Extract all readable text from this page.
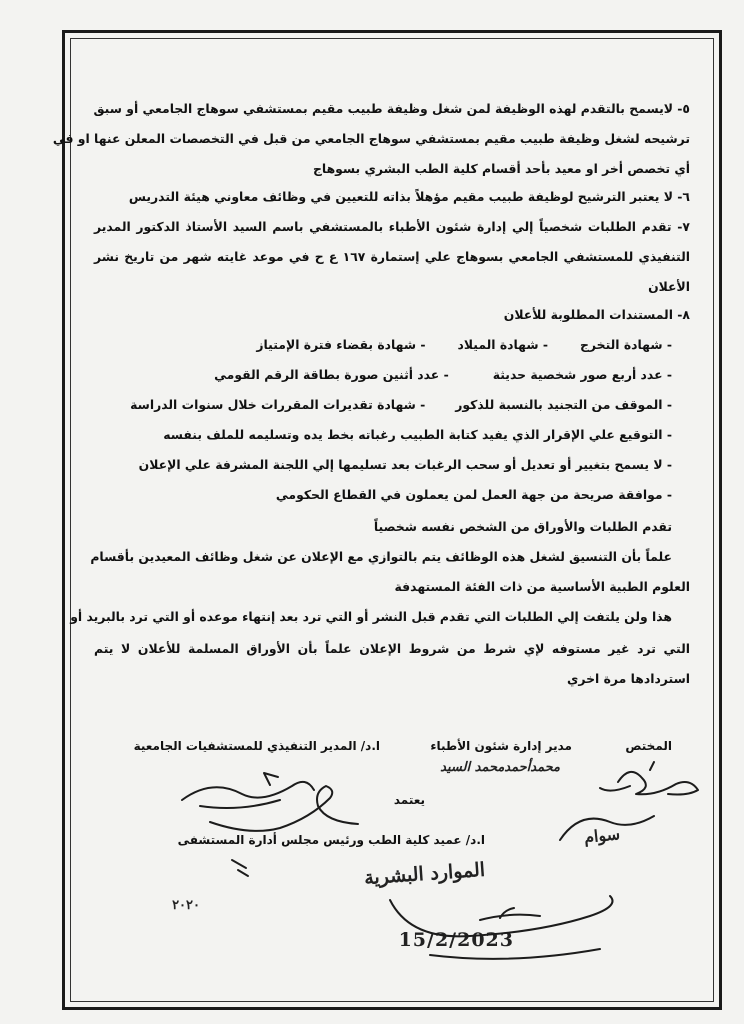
٥- لايسمح بالتقدم لهذه الوظيفة لمن شغل وظيفة طبيب مقيم بمستشفي سوهاج الجامعي أو سبق
ترشيحه لشغل وظيفة طبيب مقيم بمستشفي سوهاج الجامعي من قبل في التخصصات المعلن عنها او في
أي تخصص أخر او معيد بأحد أقسام كلية الطب البشري بسوهاج
٦- لا يعتبر الترشيح لوظيفة طبيب مقيم مؤهلاً بذاته للتعيين في وظائف معاوني هيئة التدريس
٧- تقدم الطلبات شخصياً إلي إدارة شئون الأطباء بالمستشفي باسم السيد الأستاذ الدكتور المدير
التنفيذي للمستشفي الجامعي بسوهاج علي إستمارة ١٦٧ ع ح في موعد غايته شهر من تاريخ نشر
الأعلان
٨- المستندات المطلوبة للأعلان
- شهادة التخرج
- شهادة الميلاد
- شهادة بقضاء فترة الإمتياز
- عدد أربع صور شخصية حديثة
- عدد أثنين صورة بطاقة الرقم القومي
- الموقف من التجنيد بالنسبة للذكور
- شهادة تقديرات المقررات خلال سنوات الدراسة
- التوقيع علي الإقرار الذي يفيد كتابة الطبيب رغباته بخط يده وتسليمه للملف بنفسه
- لا يسمح بتغيير أو تعديل أو سحب الرغبات بعد تسليمها إلي اللجنة المشرفة علي الإعلان
- موافقة صريحة من جهة العمل لمن يعملون في القطاع الحكومي
تقدم الطلبات والأوراق من الشخص نفسه شخصياً
علماً بأن التنسيق لشغل هذه الوظائف يتم بالتوازي مع الإعلان عن شغل وظائف المعيدين بأقسام
العلوم الطبية الأساسية من ذات الفئة المستهدفة
هذا ولن يلتفت إلي الطلبات التي تقدم قبل النشر أو التي ترد بعد إنتهاء موعده أو التي ترد بالبريد أو
التي ترد غير مستوفه لإي شرط من شروط الإعلان علماً بأن الأوراق المسلمة للأعلان لا يتم
استردادها مرة اخري
المختص
مدير إدارة شئون الأطباء
محمدأحمدمحمد السيد
ا.د/ المدير التنفيذي للمستشفيات الجامعية
يعتمد
ا.د/ عميد كلية الطب ورئيس مجلس أدارة المستشفى	سوام
الموارد البشرية
15/2/2023
٢٠٢٠
